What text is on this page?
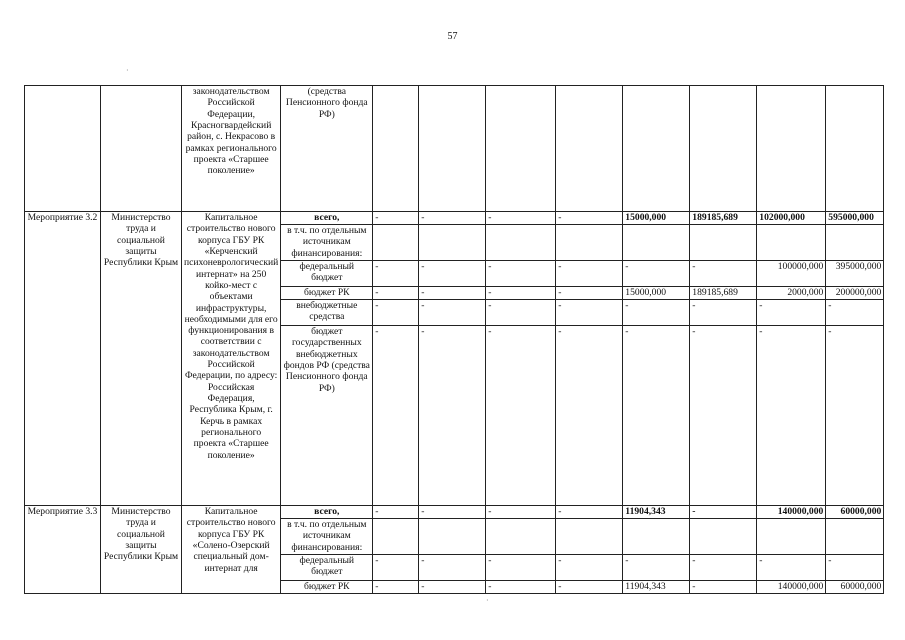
57
		законодательством Российской Федерации, Красногвардейский район, с. Некрасово в рамках регионального проекта «Старшее поколение»	(средства Пенсионного фонда РФ)								
Мероприятие 3.2	Министерство труда и социальной защиты Республики Крым	Капитальное строительство нового корпуса ГБУ РК «Керченский психоневрологический интернат» на 250 койко-мест с объектами инфраструктуры, необходимыми для его функционирования в соответствии с законодательством Российской Федерации, по адресу: Российская Федерация, Республика Крым, г. Керчь в рамках регионального проекта «Старшее поколение»	всего,	-	-	-	-	15000,000	189185,689	102000,000	595000,000
			в т.ч. по отдельным источникам финансирования:								
			федеральный бюджет	-	-	-	-	-	-	100000,000	395000,000
			бюджет РК	-	-	-	-	15000,000	189185,689	2000,000	200000,000
			внебюджетные средства	-	-	-	-	-	-	-	-
			бюджет государственных внебюджетных фондов РФ (средства Пенсионного фонда РФ)	-	-	-	-	-	-	-	-
Мероприятие 3.3	Министерство труда и социальной защиты Республики Крым	Капитальное строительство нового корпуса ГБУ РК «Солено-Озерский специальный дом-интернат для	всего,	-	-	-	-	11904,343	-	140000,000	60000,000
			в т.ч. по отдельным источникам финансирования:								
			федеральный бюджет	-	-	-	-	-	-	-	-
			бюджет РК	-	-	-	-	11904,343	-	140000,000	60000,000
·
·
